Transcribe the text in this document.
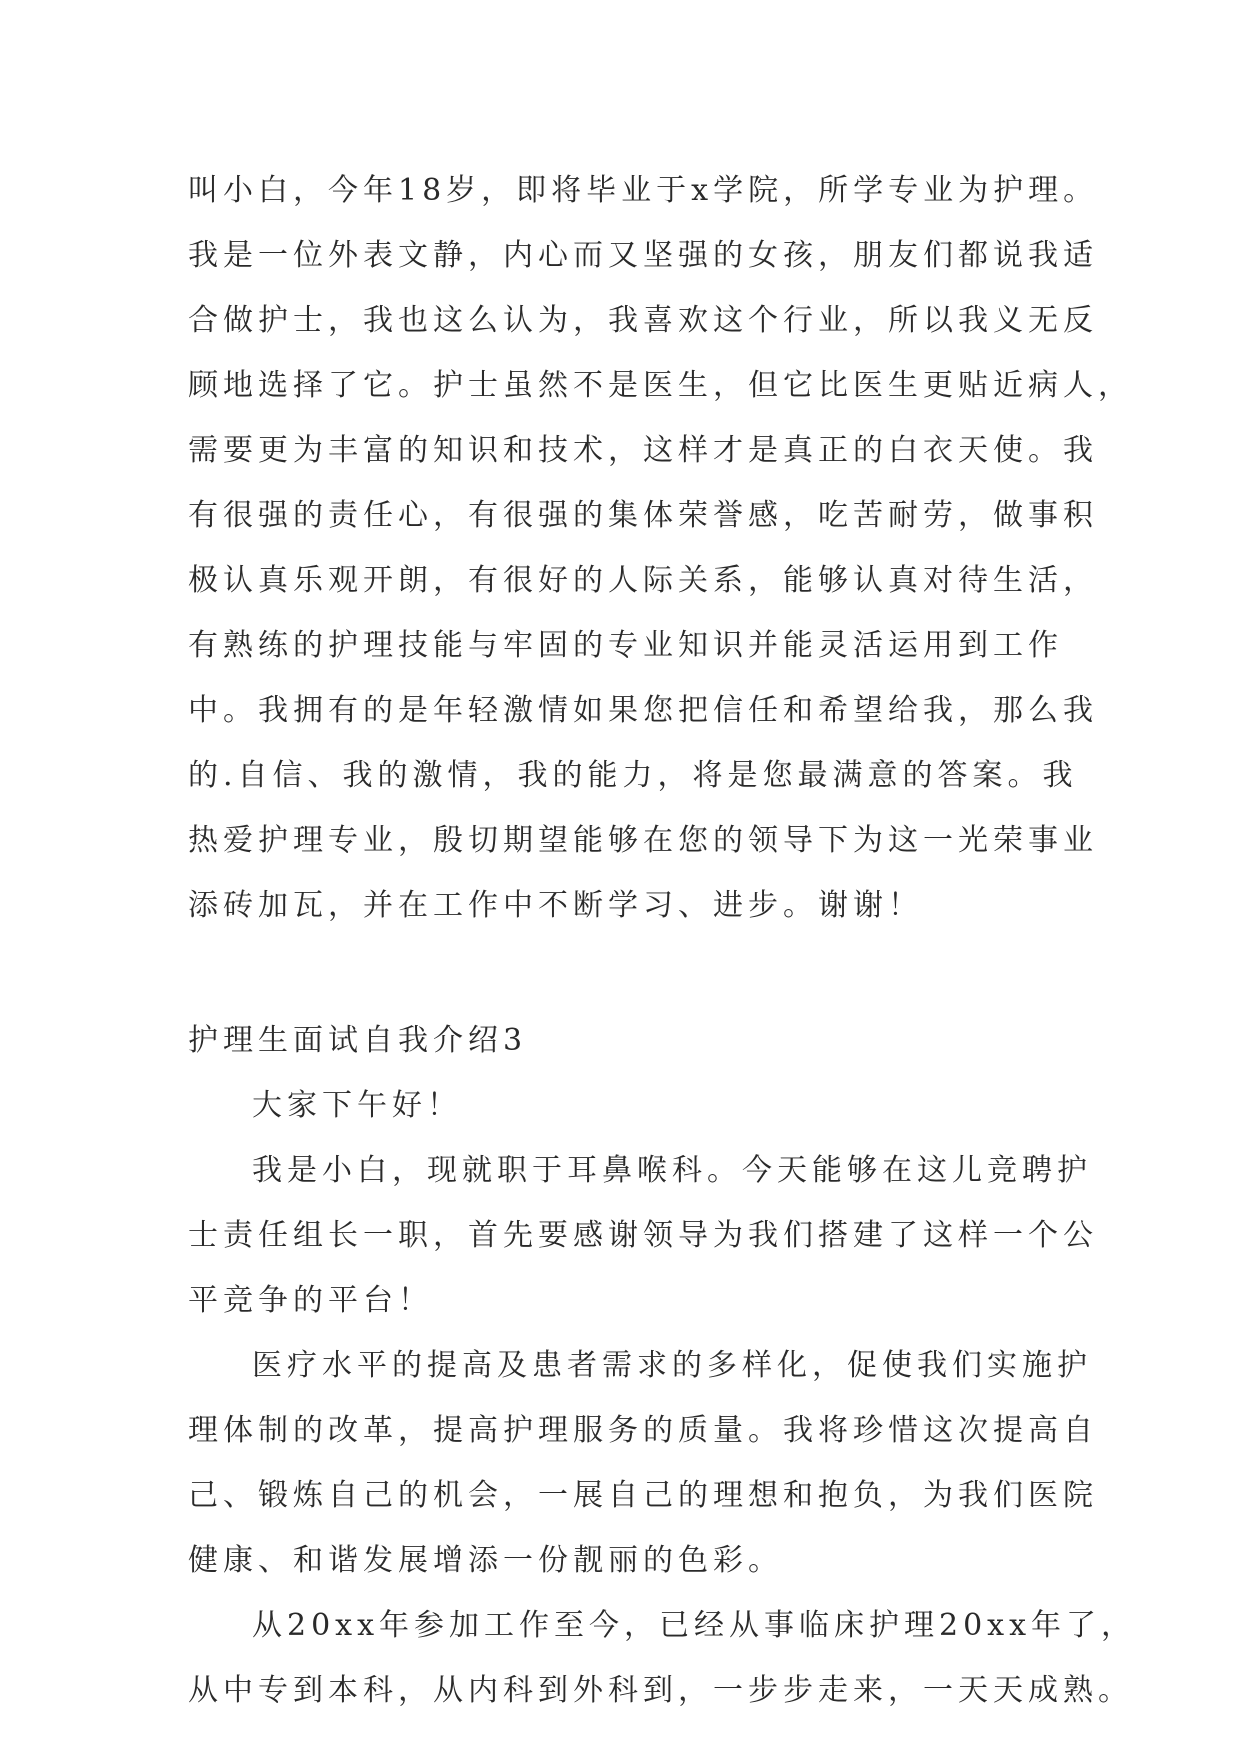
叫小白，今年18岁，即将毕业于x学院，所学专业为护理。
我是一位外表文静，内心而又坚强的女孩，朋友们都说我适
合做护士，我也这么认为，我喜欢这个行业，所以我义无反
顾地选择了它。护士虽然不是医生，但它比医生更贴近病人，
需要更为丰富的知识和技术，这样才是真正的白衣天使。我
有很强的责任心，有很强的集体荣誉感，吃苦耐劳，做事积
极认真乐观开朗，有很好的人际关系，能够认真对待生活，
有熟练的护理技能与牢固的专业知识并能灵活运用到工作
中。我拥有的是年轻激情如果您把信任和希望给我，那么我
的.自信、我的激情，我的能力，将是您最满意的答案。我
热爱护理专业，殷切期望能够在您的领导下为这一光荣事业
添砖加瓦，并在工作中不断学习、进步。谢谢！
护理生面试自我介绍3
大家下午好！
我是小白，现就职于耳鼻喉科。今天能够在这儿竞聘护
士责任组长一职，首先要感谢领导为我们搭建了这样一个公
平竞争的平台！
医疗水平的提高及患者需求的多样化，促使我们实施护
理体制的改革，提高护理服务的质量。我将珍惜这次提高自
己、锻炼自己的机会，一展自己的理想和抱负，为我们医院
健康、和谐发展增添一份靓丽的色彩。
从20xx年参加工作至今，已经从事临床护理20xx年了，
从中专到本科，从内科到外科到，一步步走来，一天天成熟。
